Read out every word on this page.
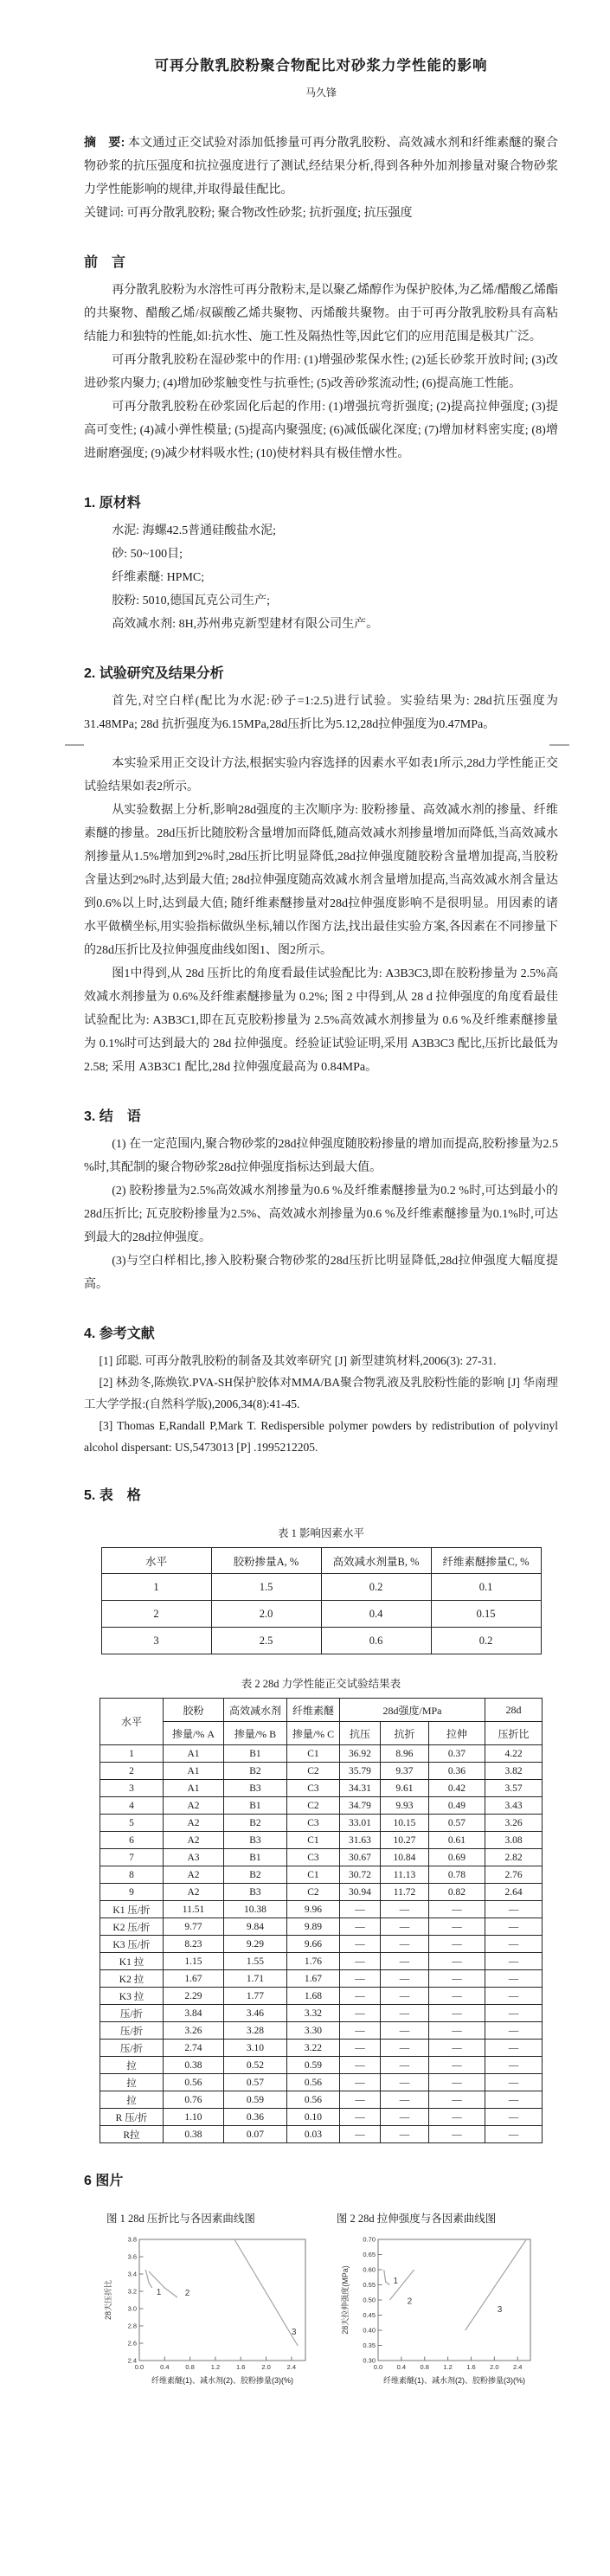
可再分散乳胶粉聚合物配比对砂浆力学性能的影响
马久锋

摘　要: 本文通过正交试验对添加低掺量可再分散乳胶粉、高效减水剂和纤维素醚的聚合物砂浆的抗压强度和抗拉强度进行了测试,经结果分析,得到各种外加剂掺量对聚合物砂浆力学性能影响的规律,并取得最佳配比。

关键词: 可再分散乳胶粉; 聚合物改性砂浆; 抗折强度; 抗压强度

前　言

再分散乳胶粉为水溶性可再分散粉末,是以聚乙烯醇作为保护胶体,为乙烯/醋酸乙烯酯的共聚物、醋酸乙烯/叔碳酸乙烯共聚物、丙烯酸共聚物。由于可再分散乳胶粉具有高粘结能力和独特的性能,如:抗水性、施工性及隔热性等,因此它们的应用范围是极其广泛。

可再分散乳胶粉在湿砂浆中的作用: (1)增强砂浆保水性; (2)延长砂浆开放时间; (3)改进砂浆内聚力; (4)增加砂浆触变性与抗垂性; (5)改善砂浆流动性; (6)提高施工性能。

可再分散乳胶粉在砂浆固化后起的作用: (1)增强抗弯折强度; (2)提高拉伸强度; (3)提高可变性; (4)减小弹性模量; (5)提高内聚强度; (6)减低碳化深度; (7)增加材料密实度; (8)增进耐磨强度; (9)减少材料吸水性; (10)使材料具有极佳憎水性。

1. 原材料

水泥: 海螺42.5普通硅酸盐水泥;

砂: 50~100目;

纤维素醚: HPMC;

胶粉: 5010,德国瓦克公司生产;

高效减水剂: 8H,苏州弗克新型建材有限公司生产。

2. 试验研究及结果分析

首先,对空白样(配比为水泥:砂子=1:2.5)进行试验。实验结果为: 28d抗压强度为31.48MPa; 28d 抗折强度为6.15MPa,28d压折比为5.12,28d拉伸强度为0.47MPa。

本实验采用正交设计方法,根据实验内容选择的因素水平如表1所示,28d力学性能正交试验结果如表2所示。

从实验数据上分析,影响28d强度的主次顺序为: 胶粉掺量、高效减水剂的掺量、纤维素醚的掺量。28d压折比随胶粉含量增加而降低,随高效减水剂掺量增加而降低,当高效减水剂掺量从1.5%增加到2%时,28d压折比明显降低,28d拉伸强度随胶粉含量增加提高,当胶粉含量达到2%时,达到最大值; 28d拉伸强度随高效减水剂含量增加提高,当高效减水剂含量达到0.6%以上时,达到最大值; 随纤维素醚掺量对28d拉伸强度影响不是很明显。用因素的诸水平做横坐标,用实验指标做纵坐标,辅以作图方法,找出最佳实验方案,各因素在不同掺量下的28d压折比及拉伸强度曲线如图1、图2所示。

图1中得到,从 28d 压折比的角度看最佳试验配比为: A3B3C3,即在胶粉掺量为 2.5%高效减水剂掺量为 0.6%及纤维素醚掺量为 0.2%; 图 2 中得到,从 28 d 拉伸强度的角度看最佳试验配比为: A3B3C1,即在瓦克胶粉掺量为 2.5%高效减水剂掺量为 0.6 %及纤维素醚掺量为 0.1%时可达到最大的 28d 拉伸强度。经验证试验证明,采用 A3B3C3 配比,压折比最低为 2.58; 采用 A3B3C1 配比,28d 拉伸强度最高为 0.84MPa。

3. 结　语

(1) 在一定范围内,聚合物砂浆的28d拉伸强度随胶粉掺量的增加而提高,胶粉掺量为2.5 %时,其配制的聚合物砂浆28d拉伸强度指标达到最大值。

(2) 胶粉掺量为2.5%高效减水剂掺量为0.6 %及纤维素醚掺量为0.2 %时,可达到最小的28d压折比; 瓦克胶粉掺量为2.5%、高效减水剂掺量为0.6 %及纤维素醚掺量为0.1%时,可达到最大的28d拉伸强度。

(3)与空白样相比,掺入胶粉聚合物砂浆的28d压折比明显降低,28d拉伸强度大幅度提高。

4. 参考文献

[1] 邱聪. 可再分散乳胶粉的制备及其效率研究 [J] 新型建筑材料,2006(3): 27-31.

[2] 林劲冬,陈焕钦.PVA-SH保护胶体对MMA/BA聚合物乳液及乳胶粉性能的影响 [J] 华南理工大学学报:(自然科学版),2006,34(8):41-45.

[3] Thomas E,Randall P,Mark T. Redispersible polymer powders by redistribution of polyvinyl alcohol dispersant: US,5473013 [P] .1995212205.

5. 表　格
表 1 影响因素水平
水平	胶粉掺量A, %	高效减水剂量B, %	纤维素醚掺量C, %
1	1.5	0.2	0.1
2	2.0	0.4	0.15
3	2.5	0.6	0.2
表 2 28d 力学性能正交试验结果表
水平	胶粉	高效减水剂	纤维素醚	28d强度/MPa			28d
	掺量/% A	掺量/% B	掺量/% C	抗压	抗折	拉伸	压折比
1	A1	B1	C1	36.92	8.96	0.37	4.22
2	A1	B2	C2	35.79	9.37	0.36	3.82
3	A1	B3	C3	34.31	9.61	0.42	3.57
4	A2	B1	C2	34.79	9.93	0.49	3.43
5	A2	B2	C3	33.01	10.15	0.57	3.26
6	A2	B3	C1	31.63	10.27	0.61	3.08
7	A3	B1	C3	30.67	10.84	0.69	2.82
8	A2	B2	C1	30.72	11.13	0.78	2.76
9	A2	B3	C2	30.94	11.72	0.82	2.64
K1 压/折	11.51	10.38	9.96	—	—	—	—
K2 压/折	9.77	9.84	9.89	—	—	—	—
K3 压/折	8.23	9.29	9.66	—	—	—	—
K1 拉	1.15	1.55	1.76	—	—	—	—
K2 拉	1.67	1.71	1.67	—	—	—	—
K3 拉	2.29	1.77	1.68	—	—	—	—
压/折	3.84	3.46	3.32	—	—	—	—
压/折	3.26	3.28	3.30	—	—	—	—
压/折	2.74	3.10	3.22	—	—	—	—
拉	0.38	0.52	0.59	—	—	—	—
拉	0.56	0.57	0.56	—	—	—	—
拉	0.76	0.59	0.56	—	—	—	—
R 压/折	1.10	0.36	0.10	—	—	—	—
R拉	0.38	0.07	0.03	—	—	—	—
6 图片
图 1 28d 压折比与各因素曲线图	图 2 28d 拉伸强度与各因素曲线图
2.4
2.6
2.8
3.0
3.2
3.4
3.6
3.8
0.0	0.4	0.8	1.2	1.6	2.0	2.4
1	2
3
28天压折比
纤维素醚(1)、减水剂(2)、胶粉掺量(3)(%)
0.30
0.35
0.40
0.45
0.50
0.55
0.60
0.65
0.70
0.0 0.4 0.8 1.2 1.6 2.0 2.4
1
2
3
28天拉伸强度(MPa)
纤维素醚(1)、减水剂(2)、胶粉掺量(3)(%)
